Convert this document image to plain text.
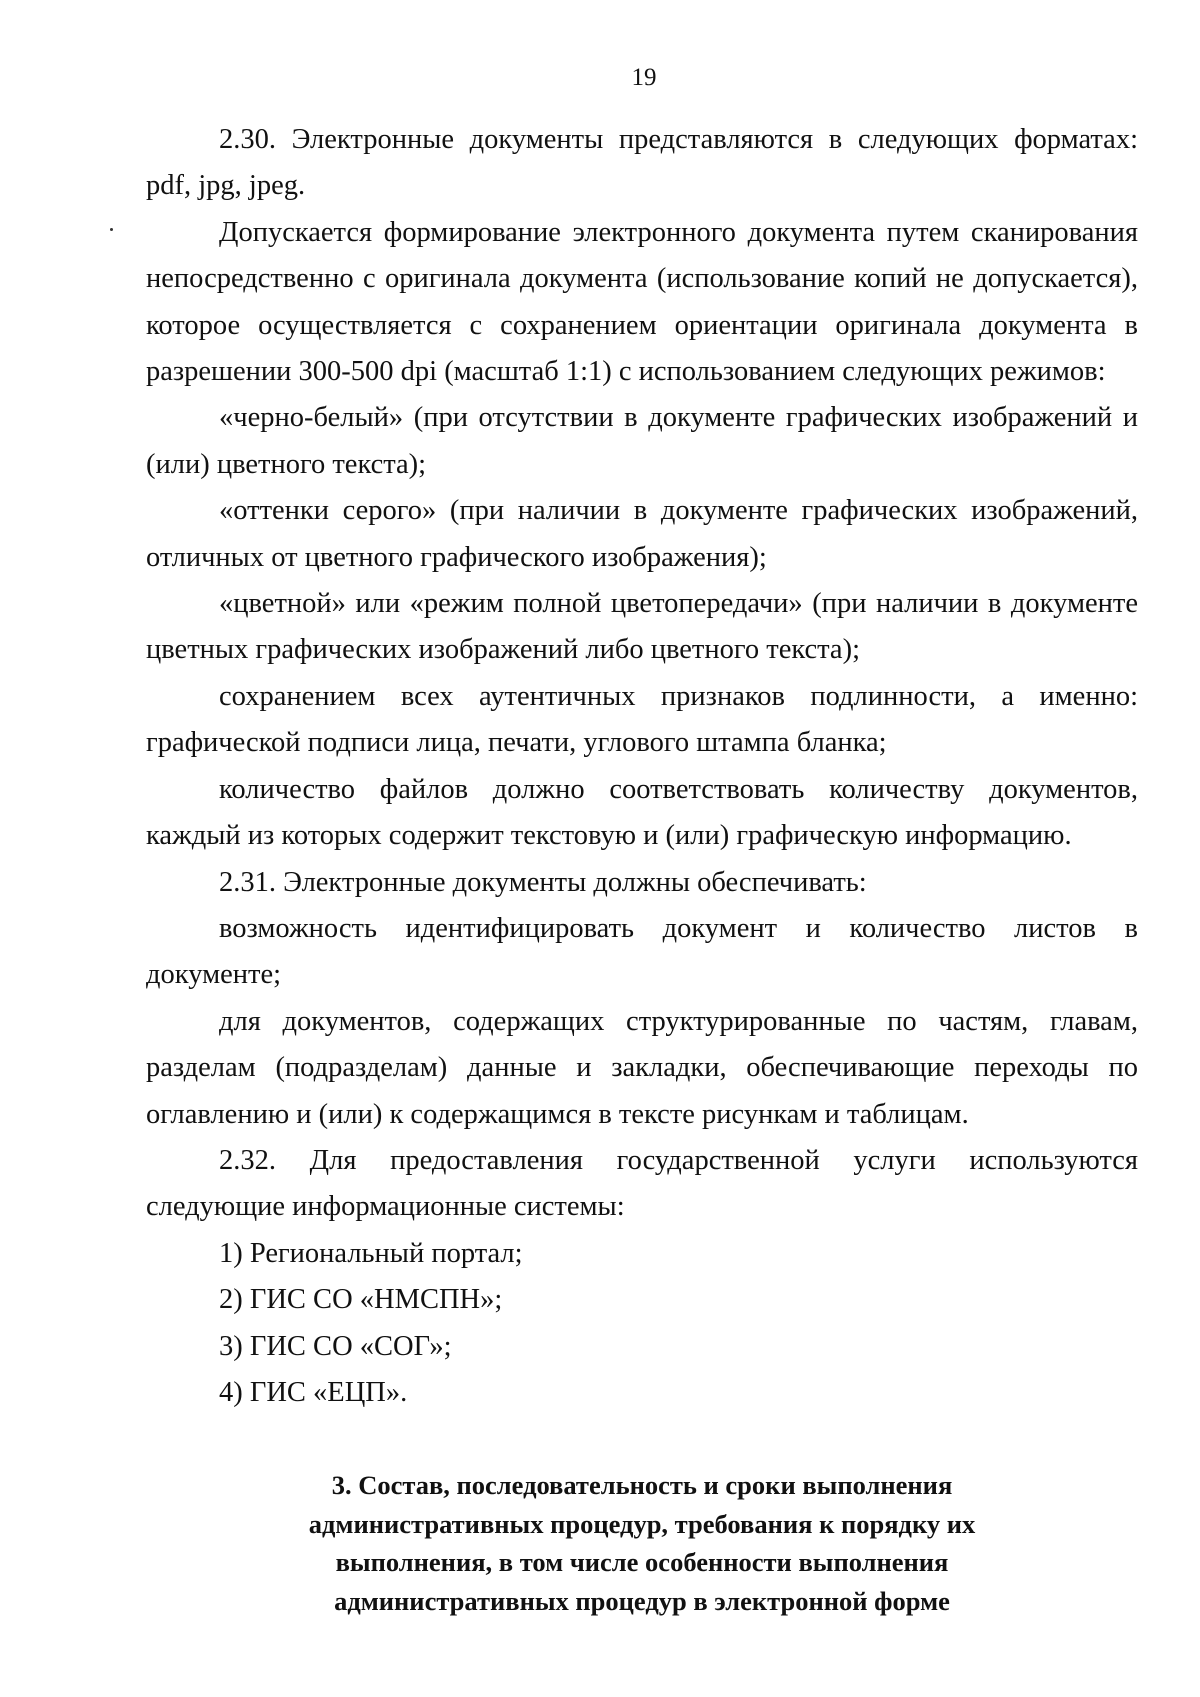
19

2.30. Электронные документы представляются в следующих форматах: pdf, jpg, jpeg.

Допускается формирование электронного документа путем сканирования непосредственно с оригинала документа (использование копий не допускается), которое осуществляется с сохранением ориентации оригинала документа в разрешении 300-500 dpi (масштаб 1:1) с использованием следующих режимов:

«черно-белый» (при отсутствии в документе графических изображений и (или) цветного текста);

«оттенки серого» (при наличии в документе графических изображений, отличных от цветного графического изображения);

«цветной» или «режим полной цветопередачи» (при наличии в документе цветных графических изображений либо цветного текста);

сохранением всех аутентичных признаков подлинности, а именно: графической подписи лица, печати, углового штампа бланка;

количество файлов должно соответствовать количеству документов, каждый из которых содержит текстовую и (или) графическую информацию.

2.31. Электронные документы должны обеспечивать:

возможность идентифицировать документ и количество листов в документе;

для документов, содержащих структурированные по частям, главам, разделам (подразделам) данные и закладки, обеспечивающие переходы по оглавлению и (или) к содержащимся в тексте рисункам и таблицам.

2.32. Для предоставления государственной услуги используются следующие информационные системы:

1) Региональный портал;

2) ГИС СО «НМСПН»;

3) ГИС СО «СОГ»;

4) ГИС «ЕЦП».

3. Состав, последовательность и сроки выполнения
административных процедур, требования к порядку их
выполнения, в том числе особенности выполнения
административных процедур в электронной форме
